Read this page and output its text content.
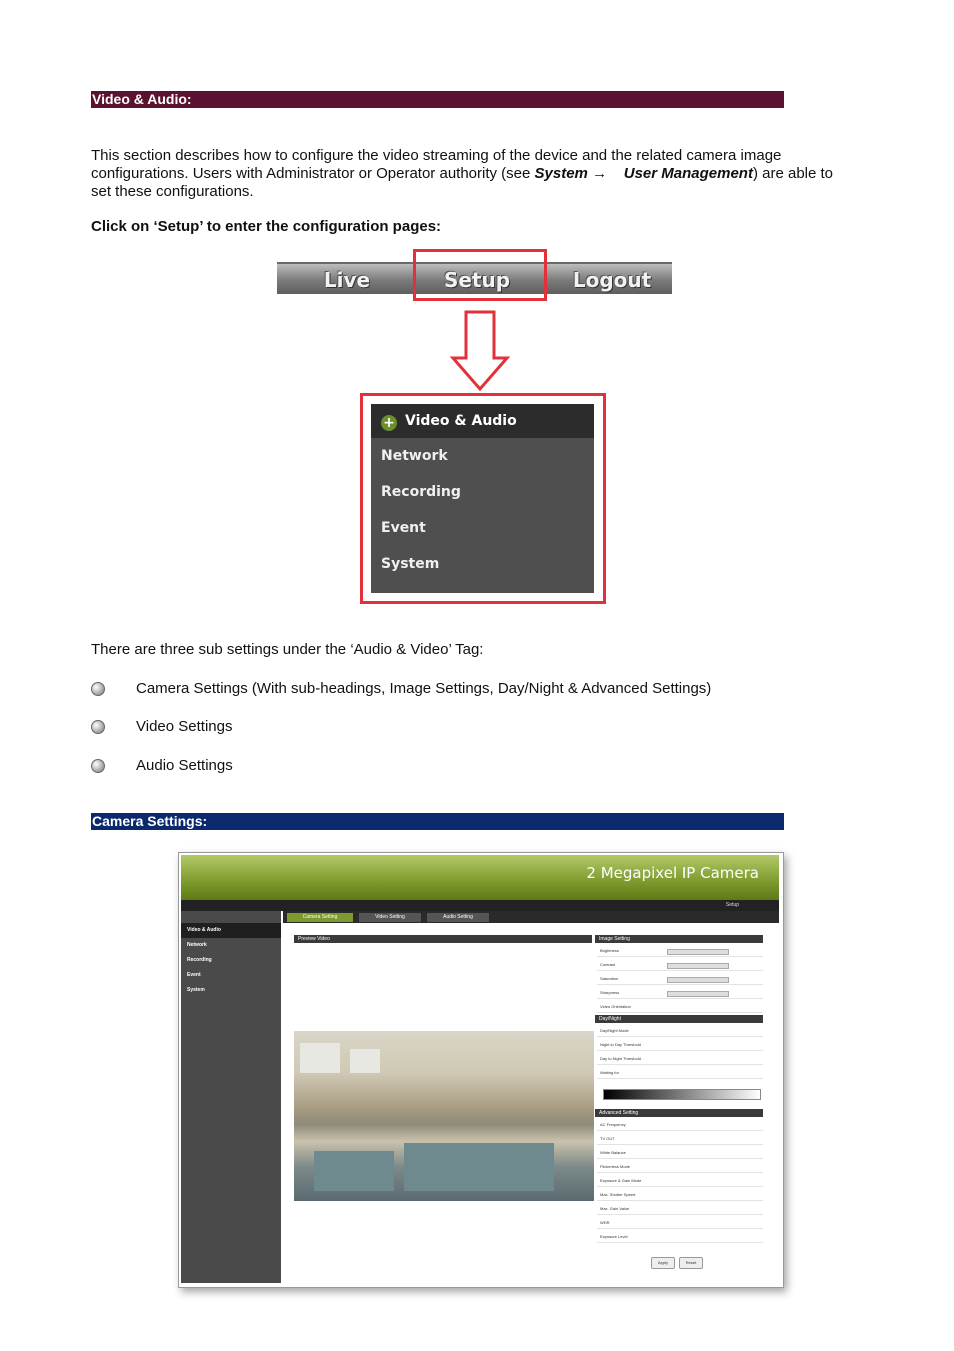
Video & Audio:
This section describes how to configure the video streaming of the device and the related camera image configurations. Users with Administrator or Operator authority (see System → User Management) are able to set these configurations.
Click on ‘Setup’ to enter the configuration pages:
Live	Setup	Logout
+ Video & Audio
Network
Recording
Event
System
There are three sub settings under the ‘Audio & Video’ Tag:
Camera Settings (With sub-headings, Image Settings, Day/Night & Advanced Settings)
Video Settings
Audio Settings
Camera Settings:
2 Megapixel IP Camera
Setup
Video & Audio
Network
Recording
Event
System
Camera Setting	Video Setting	Audio Setting
Preview Video	Image Setting
Brightness
Contrast
Saturation
Sharpness
Video Orientation
Day/Night
Day/Night Mode
Night to Day Threshold
Day to Night Threshold
Waiting for
Advanced Setting
AC Frequency
TV OUT
White Balance
Flickerless Mode
Exposure & Gain Mode
Max. Shutter Speed
Max. Gain Value
WDR
Exposure Level
Apply	Reset
